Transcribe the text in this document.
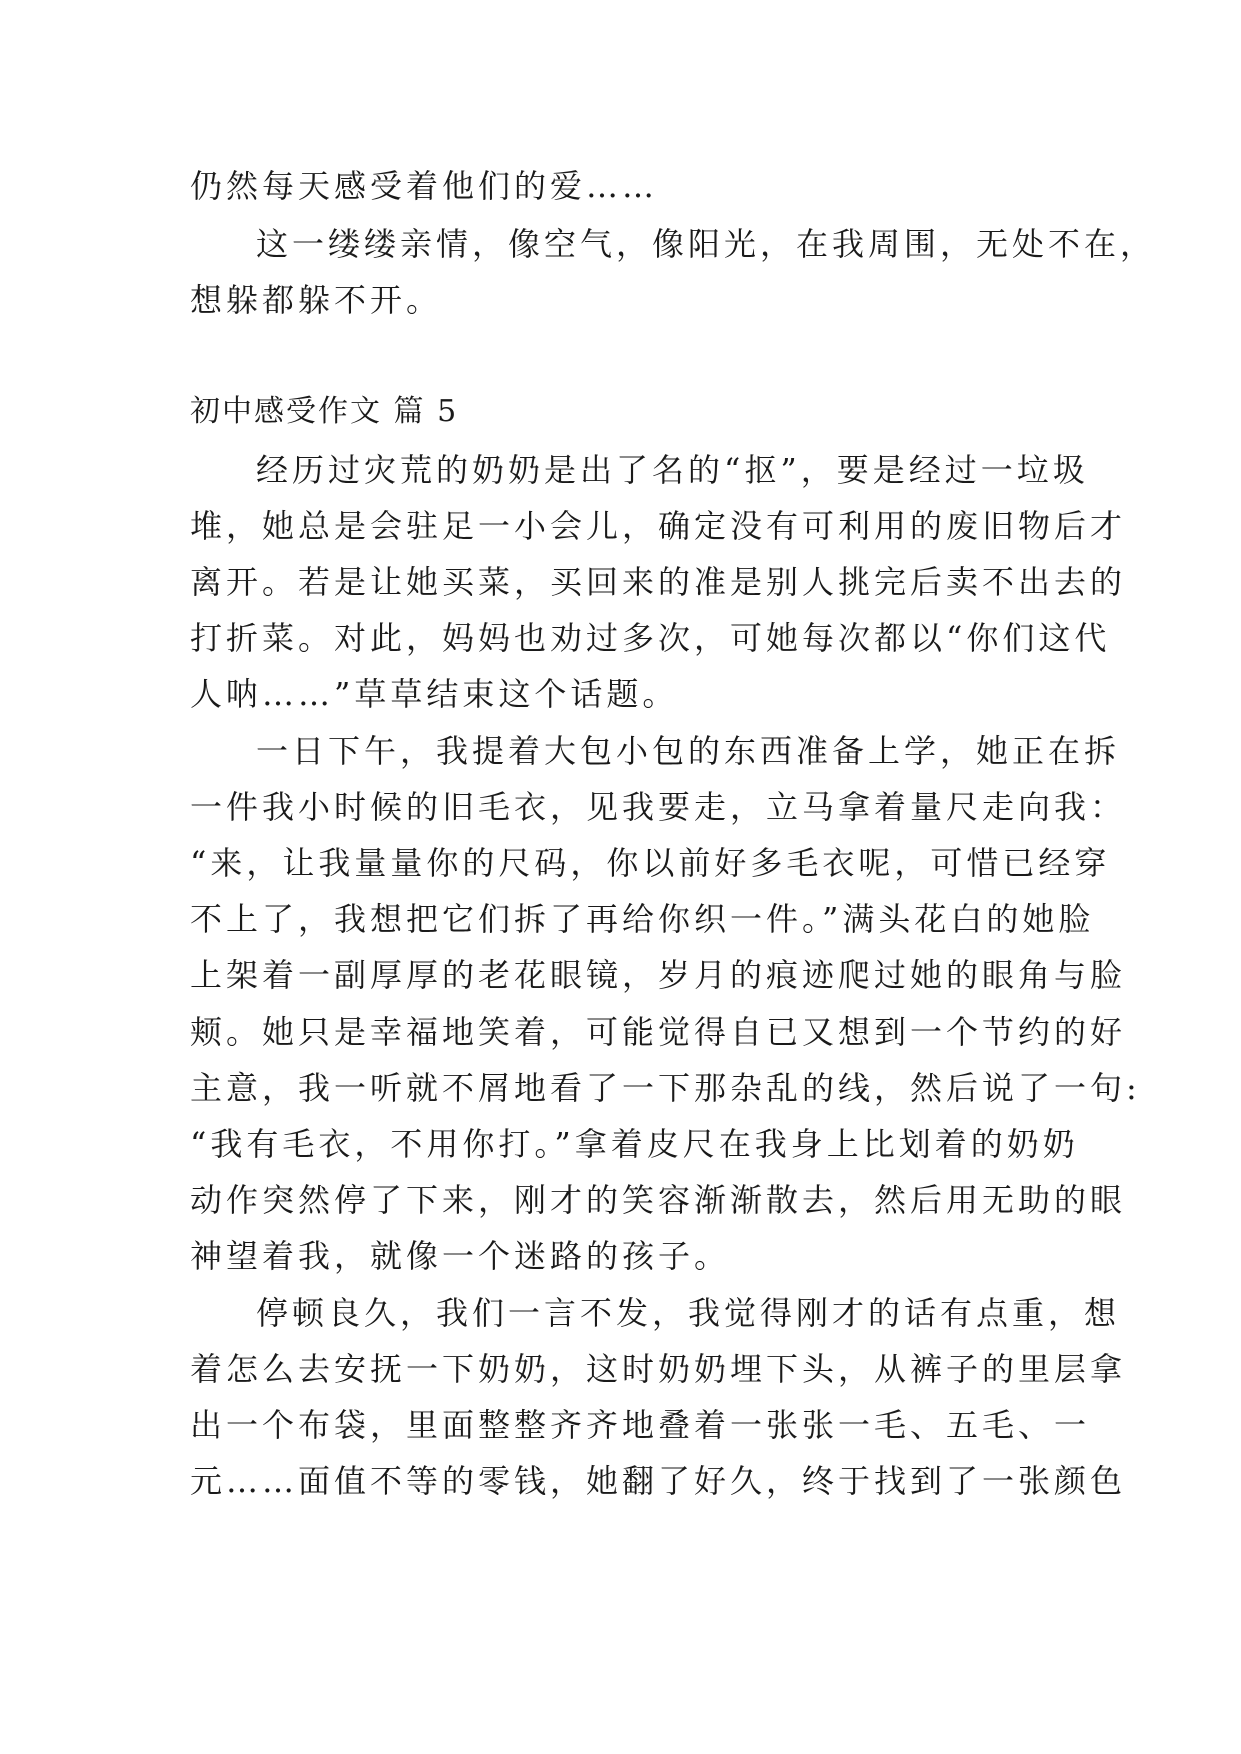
仍然每天感受着他们的爱……
这一缕缕亲情，像空气，像阳光，在我周围，无处不在，
想躲都躲不开。
初中感受作文 篇 5
经历过灾荒的奶奶是出了名的“抠”，要是经过一垃圾
堆，她总是会驻足一小会儿，确定没有可利用的废旧物后才
离开。若是让她买菜，买回来的准是别人挑完后卖不出去的
打折菜。对此，妈妈也劝过多次，可她每次都以“你们这代
人呐……”草草结束这个话题。
一日下午，我提着大包小包的东西准备上学，她正在拆
一件我小时候的旧毛衣，见我要走，立马拿着量尺走向我：
“来，让我量量你的尺码，你以前好多毛衣呢，可惜已经穿
不上了，我想把它们拆了再给你织一件。”满头花白的她脸
上架着一副厚厚的老花眼镜，岁月的痕迹爬过她的眼角与脸
颊。她只是幸福地笑着，可能觉得自已又想到一个节约的好
主意，我一听就不屑地看了一下那杂乱的线，然后说了一句:
“我有毛衣，不用你打。”拿着皮尺在我身上比划着的奶奶
动作突然停了下来，刚才的笑容渐渐散去，然后用无助的眼
神望着我，就像一个迷路的孩子。
停顿良久，我们一言不发，我觉得刚才的话有点重，想
着怎么去安抚一下奶奶，这时奶奶埋下头，从裤子的里层拿
出一个布袋，里面整整齐齐地叠着一张张一毛、五毛、一
元……面值不等的零钱，她翻了好久，终于找到了一张颜色
